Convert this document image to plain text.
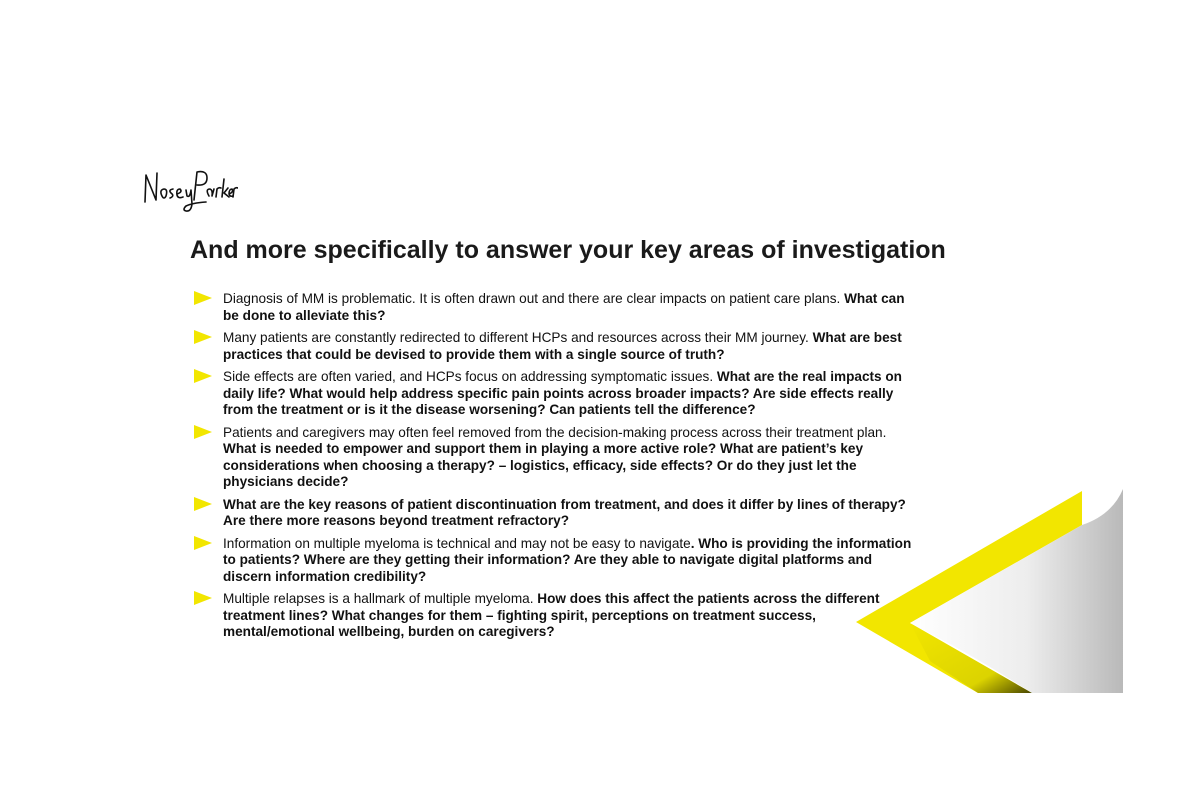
And more specifically to answer your key areas of investigation
Diagnosis of MM is problematic. It is often drawn out and there are clear impacts on patient care plans. What can be done to alleviate this?
Many patients are constantly redirected to different HCPs and resources across their MM journey. What are best practices that could be devised to provide them with a single source of truth?
Side effects are often varied, and HCPs focus on addressing symptomatic issues. What are the real impacts on daily life? What would help address specific pain points across broader impacts? Are side effects really from the treatment or is it the disease worsening? Can patients tell the difference?
Patients and caregivers may often feel removed from the decision-making process across their treatment plan. What is needed to empower and support them in playing a more active role? What are patient’s key considerations when choosing a therapy? – logistics, efficacy, side effects? Or do they just let the physicians decide?
What are the key reasons of patient discontinuation from treatment, and does it differ by lines of therapy? Are there more reasons beyond treatment refractory?
Information on multiple myeloma is technical and may not be easy to navigate. Who is providing the information to patients? Where are they getting their information? Are they able to navigate digital platforms and discern information credibility?
Multiple relapses is a hallmark of multiple myeloma. How does this affect the patients across the different treatment lines? What changes for them – fighting spirit, perceptions on treatment success, mental/emotional wellbeing, burden on caregivers?
